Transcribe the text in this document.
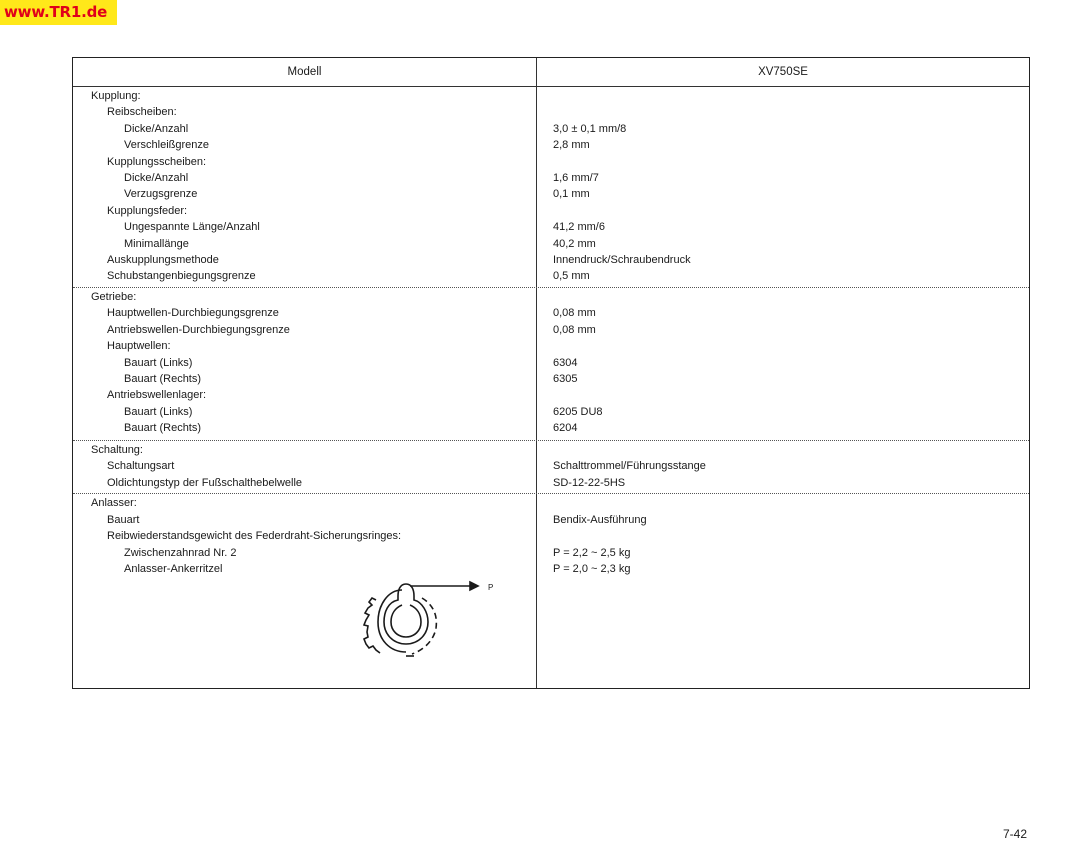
www.TR1.de
Modell	XV750SE
Kupplung:
Reibscheiben:
Dicke/Anzahl	3,0 ± 0,1 mm/8
Verschleißgrenze	2,8 mm
Kupplungsscheiben:
Dicke/Anzahl	1,6 mm/7
Verzugsgrenze	0,1 mm
Kupplungsfeder:
Ungespannte Länge/Anzahl	41,2 mm/6
Minimallänge	40,2 mm
Auskupplungsmethode	Innendruck/Schraubendruck
Schubstangenbiegungsgrenze	0,5 mm
Getriebe:
Hauptwellen-Durchbiegungsgrenze	0,08 mm
Antriebswellen-Durchbiegungsgrenze	0,08 mm
Hauptwellen:
Bauart (Links)	6304
Bauart (Rechts)	6305
Antriebswellenlager:
Bauart (Links)	6205 DU8
Bauart (Rechts)	6204
Schaltung:
Schaltungsart	Schalttrommel/Führungsstange
Oldichtungstyp der Fußschalthebelwelle	SD-12-22-5HS
Anlasser:
Bauart	Bendix-Ausführung
Reibwiederstandsgewicht des Federdraht-Sicherungsringes:
Zwischenzahnrad Nr. 2	P = 2,2 ~ 2,5 kg
Anlasser-Ankerritzel	P = 2,0 ~ 2,3 kg
P
7-42
